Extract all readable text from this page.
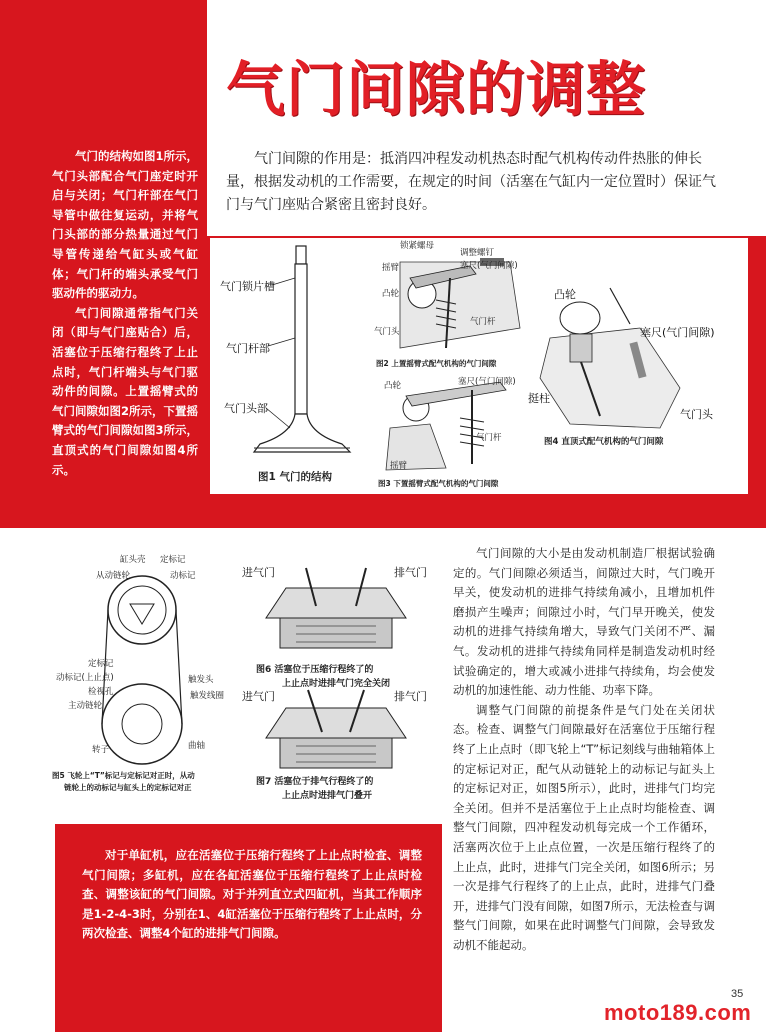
气门间隙的调整

气门间隙的作用是：抵消四冲程发动机热态时配气机构传动件热胀的伸长量，根据发动机的工作需要，在规定的时间（活塞在气缸内一定位置时）保证气门与气门座贴合紧密且密封良好。

气门的结构如图1所示，气门头部配合气门座定时开启与关闭；气门杆部在气门导管中做往复运动，并将气门头部的部分热量通过气门导管传递给气缸头或气缸体；气门杆的端头承受气门驱动件的驱动力。

气门间隙通常指气门关闭（即与气门座贴合）后，活塞位于压缩行程终了上止点时，气门杆端头与气门驱动件的间隙。上置摇臂式的气门间隙如图2所示，下置摇臂式的气门间隙如图3所示，直顶式的气门间隙如图4所示。

气门锁片槽
气门杆部
气门头部
图1 气门的结构
锁紧螺母
调整螺钉
摇臂	塞尺(气门间隙)
凸轮
气门杆
气门头
图2 上置摇臂式配气机构的气门间隙
凸轮	塞尺(气门间隙)
气门杆
摇臂
图3 下置摇臂式配气机构的气门间隙
凸轮
塞尺(气门间隙)
挺柱
气门头
图4 直顶式配气机构的气门间隙
缸头壳 定标记
从动链轮	动标记
定标记
动标记(上止点)
检视孔
主动链轮
触发头
触发线圈
转子	曲轴
图5 飞轮上“T”标记与定标记对正时，从动
链轮上的动标记与缸头上的定标记对正
进气门	排气门
图6 活塞位于压缩行程终了的
上止点时进排气门完全关闭
进气门	排气门
图7 活塞位于排气行程终了的
上止点时进排气门叠开

气门间隙的大小是由发动机制造厂根据试验确定的。气门间隙必须适当，间隙过大时，气门晚开早关，使发动机的进排气持续角减小，且增加机件磨损产生噪声；间隙过小时，气门早开晚关，使发动机的进排气持续角增大，导致气门关闭不严、漏气。发动机的进排气持续角同样是制造发动机时经试验确定的，增大或减小进排气持续角，均会使发动机的加速性能、动力性能、功率下降。

调整气门间隙的前提条件是气门处在关闭状态。检查、调整气门间隙最好在活塞位于压缩行程终了上止点时（即飞轮上“T”标记刻线与曲轴箱体上的定标记对正，配气从动链轮上的动标记与缸头上的定标记对正，如图5所示），此时，进排气门均完全关闭。但并不是活塞位于上止点时均能检查、调整气门间隙，四冲程发动机每完成一个工作循环，活塞两次位于上止点位置，一次是压缩行程终了的上止点，此时，进排气门完全关闭，如图6所示；另一次是排气行程终了的上止点，此时，进排气门叠开，进排气门没有间隙，如图7所示，无法检查与调整气门间隙，如果在此时调整气门间隙，会导致发动机不能起动。

对于单缸机，应在活塞位于压缩行程终了上止点时检查、调整气门间隙；多缸机，应在各缸活塞位于压缩行程终了上止点时检查、调整该缸的气门间隙。对于并列直立式四缸机，当其工作顺序是1-2-4-3时，分别在1、4缸活塞位于压缩行程终了上止点时，分两次检查、调整4个缸的进排气门间隙。

35
moto189.com
